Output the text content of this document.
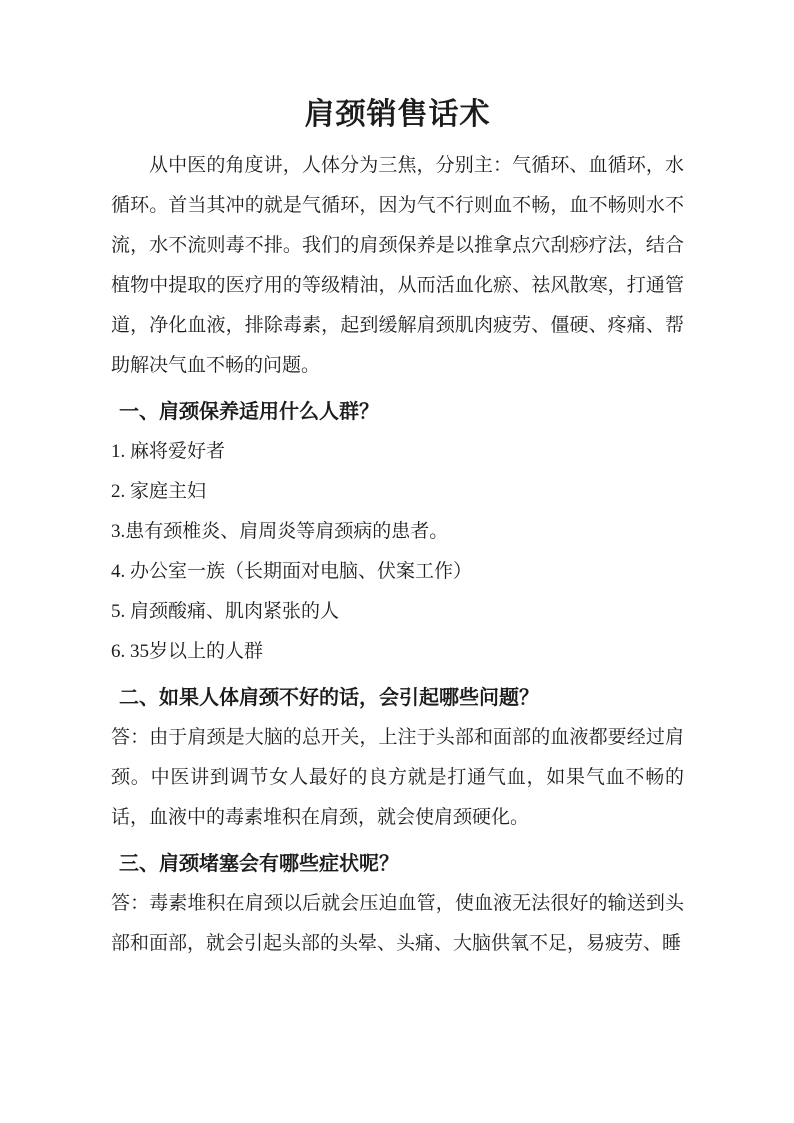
肩颈销售话术

从中医的角度讲，人体分为三焦，分别主：气循环、血循环，水循环。首当其冲的就是气循环，因为气不行则血不畅，血不畅则水不流，水不流则毒不排。我们的肩颈保养是以推拿点穴刮痧疗法，结合植物中提取的医疗用的等级精油，从而活血化瘀、祛风散寒，打通管道，净化血液，排除毒素，起到缓解肩颈肌肉疲劳、僵硬、疼痛、帮助解决气血不畅的问题。

一、肩颈保养适用什么人群？

1. 麻将爱好者

2. 家庭主妇

3.患有颈椎炎、肩周炎等肩颈病的患者。

4. 办公室一族（长期面对电脑、伏案工作）

5. 肩颈酸痛、肌肉紧张的人

6. 35岁以上的人群

二、如果人体肩颈不好的话，会引起哪些问题？

答：由于肩颈是大脑的总开关，上注于头部和面部的血液都要经过肩颈。中医讲到调节女人最好的良方就是打通气血，如果气血不畅的话，血液中的毒素堆积在肩颈，就会使肩颈硬化。

三、肩颈堵塞会有哪些症状呢？

答：毒素堆积在肩颈以后就会压迫血管，使血液无法很好的输送到头部和面部，就会引起头部的头晕、头痛、大脑供氧不足，易疲劳、睡
